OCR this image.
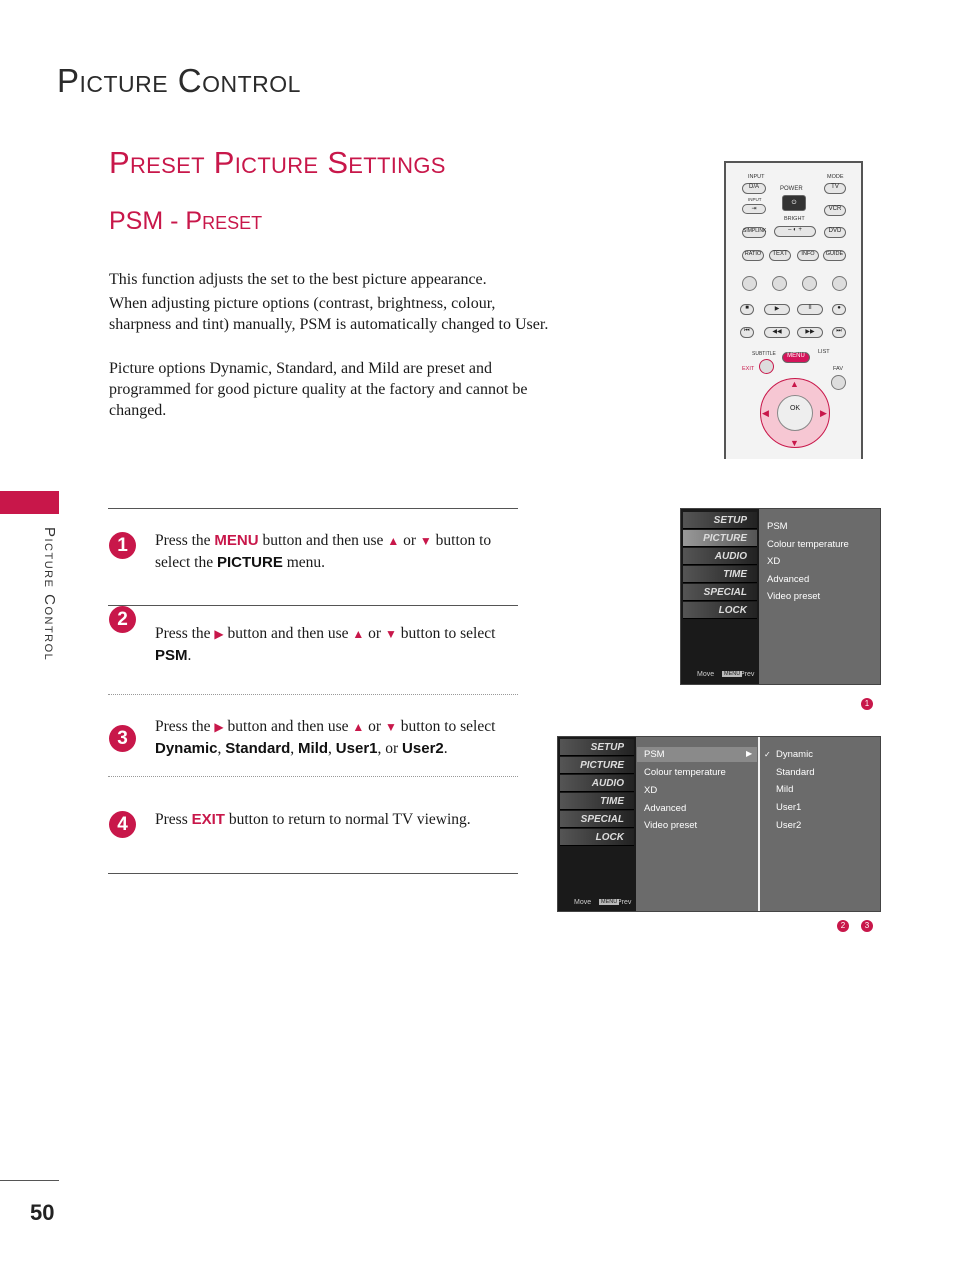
Picture Control
Preset Picture Settings
PSM - Preset

This function adjusts the set to the best picture appearance.

When adjusting picture options (contrast, brightness, colour, sharpness and tint) manually, PSM is automatically changed to User.

Picture options Dynamic, Standard, and Mild are preset and programmed for good picture quality at the factory and cannot be changed.

INPUT	MODE
D/A	POWER
⏻
TV
INPUT
⇥	VCR
BRIGHT
SIMPLINK	– ◐ +	DVD
RATIO	TEXT	INFO	GUIDE
■	▶	II	●
⏮	◀◀	▶▶	⏭
SUBTITLE	MENU
LIST
EXIT	FAV
▲
▼
◀	▶
OK
Picture Control
50
1	Press the MENU button and then use ▲ or ▼ button to select the PICTURE menu.

2

Press the ▶ button and then use ▲ or ▼ button to select PSM.

3

Press the ▶ button and then use ▲ or ▼ button to select Dynamic, Standard, Mild, User1, or User2.

4	Press EXIT button to return to normal TV viewing.

SETUP
PICTURE
AUDIO
TIME
SPECIAL
LOCK
Move	MENU Prev
PSM
Colour temperature
XD
Advanced
Video preset
1
SETUP
PICTURE
AUDIO
TIME
SPECIAL
LOCK
Move	MENU Prev
PSM	▶
Colour temperature
XD
Advanced
Video preset
✓ Dynamic
Standard
Mild
User1
User2
2	3
